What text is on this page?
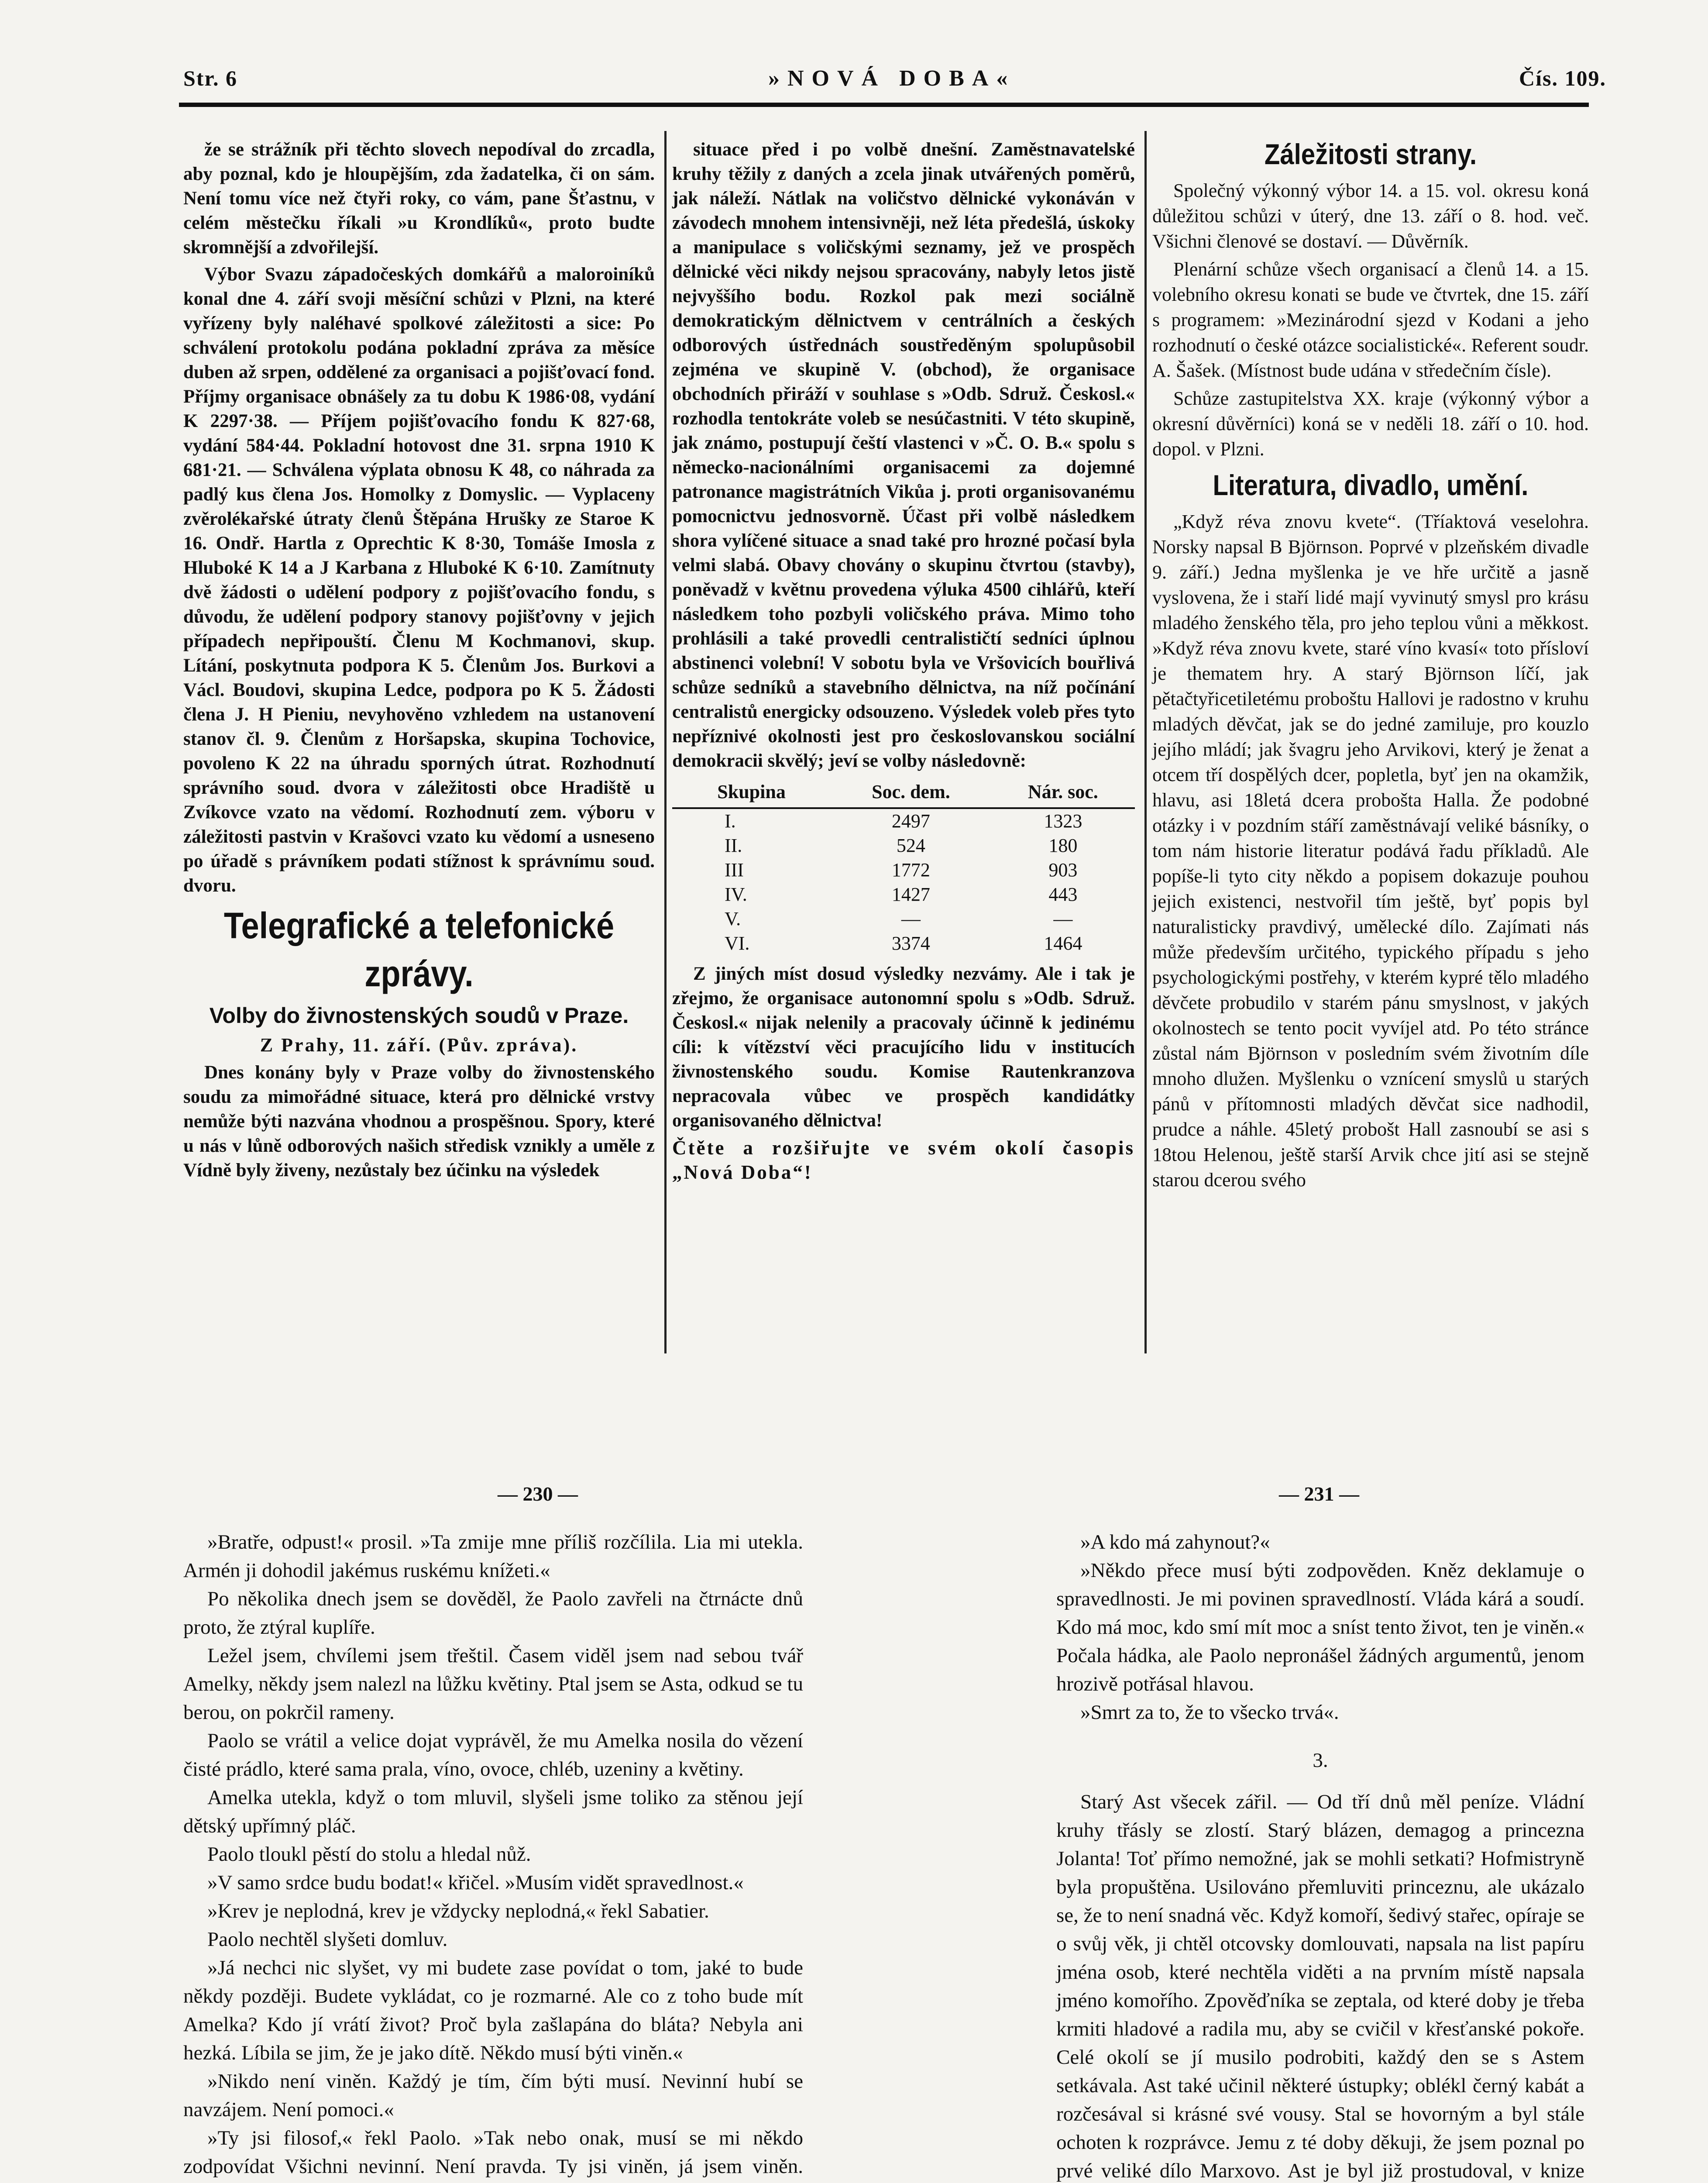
Str. 6	»NOVÁ DOBA«	Čís. 109.

že se strážník při těchto slovech nepodíval do zrcadla, aby poznal, kdo je hloupějším, zda žadatelka, či on sám. Není tomu více než čtyři roky, co vám, pane Šťastnu, v celém městečku říkali »u Krondlíků«, proto budte skromnější a zdvořilejší.

Výbor Svazu západočeských domkářů a maloroiníků konal dne 4. září svoji měsíční schůzi v Plzni, na které vyřízeny byly naléhavé spolkové záležitosti a sice: Po schválení protokolu podána pokladní zpráva za měsíce duben až srpen, oddělené za organisaci a pojišťovací fond. Příjmy organisace obnášely za tu dobu K 1986·08, vydání K 2297·38. — Příjem pojišťovacího fondu K 827·68, vydání 584·44. Pokladní hotovost dne 31. srpna 1910 K 681·21. — Schválena výplata obnosu K 48, co náhrada za padlý kus člena Jos. Homolky z Domyslic. — Vyplaceny zvěrolékařské útraty členů Štěpána Hrušky ze Staroe K 16. Ondř. Hartla z Oprechtic K 8·30, Tomáše Imosla z Hluboké K 14 a J Karbana z Hluboké K 6·10. Zamítnuty dvě žádosti o udělení podpory z pojišťovacího fondu, s důvodu, že udělení podpory stanovy pojišťovny v jejich případech nepřipouští. Členu M Kochmanovi, skup. Lítání, poskytnuta podpora K 5. Členům Jos. Burkovi a Václ. Boudovi, skupina Ledce, podpora po K 5. Žádosti člena J. H Pieniu, nevyhověno vzhledem na ustanovení stanov čl. 9. Členům z Horšapska, skupina Tochovice, povoleno K 22 na úhradu sporných útrat. Rozhodnutí správního soud. dvora v záležitosti obce Hradiště u Zvíkovce vzato na vědomí. Rozhodnutí zem. výboru v záležitosti pastvin v Krašovci vzato ku vědomí a usneseno po úřadě s právníkem podati stížnost k správnímu soud. dvoru.

Telegrafické a telefonické zprávy.
Volby do živnostenských soudů v Praze.
Z Prahy, 11. září. (Pův. zpráva).

Dnes konány byly v Praze volby do živnostenského soudu za mimořádné situace, která pro dělnické vrstvy nemůže býti nazvána vhodnou a prospěšnou. Spory, které u nás v lůně odborových našich středisk vznikly a uměle z Vídně byly živeny, nezůstaly bez účinku na výsledek

situace před i po volbě dnešní. Zaměstnavatelské kruhy těžily z daných a zcela jinak utvářených poměrů, jak náleží. Nátlak na voličstvo dělnické vykonáván v závodech mnohem intensivněji, než léta předešlá, úskoky a manipulace s voličskými seznamy, jež ve prospěch dělnické věci nikdy nejsou spracovány, nabyly letos jistě nejvyššího bodu. Rozkol pak mezi sociálně demokratickým dělnictvem v centrálních a českých odborových ústřednách soustředěným spolupůsobil zejména ve skupině V. (obchod), že organisace obchodních přiráží v souhlase s »Odb. Sdruž. Českosl.« rozhodla tentokráte voleb se nesúčastniti. V této skupině, jak známo, postupují čeští vlastenci v »Č. O. B.« spolu s německo-nacionálními organisacemi za dojemné patronance magistrátních Vikůa j. proti organisovanému pomocnictvu jednosvorně. Účast při volbě následkem shora vylíčené situace a snad také pro hrozné počasí byla velmi slabá. Obavy chovány o skupinu čtvrtou (stavby), poněvadž v květnu provedena výluka 4500 cihlářů, kteří následkem toho pozbyli voličského práva. Mimo toho prohlásili a také provedli centralističtí sedníci úplnou abstinenci volební! V sobotu byla ve Vršovicích bouřlivá schůze sedníků a stavebního dělnictva, na níž počínání centralistů energicky odsouzeno. Výsledek voleb přes tyto nepříznivé okolnosti jest pro českoslovanskou sociální demokracii skvělý; jeví se volby následovně:

Skupina	Soc. dem.	Nár. soc.
I.	2497	1323
II.	524	180
III	1772	903
IV.	1427	443
V.	—	—
VI.	3374	1464

Z jiných míst dosud výsledky nezvámy. Ale i tak je zřejmo, že organisace autonomní spolu s »Odb. Sdruž. Českosl.« nijak nelenily a pracovaly účinně k jedinému cíli: k vítězství věci pracujícího lidu v institucích živnostenského soudu. Komise Rautenkranzova nepracovala vůbec ve prospěch kandidátky organisovaného dělnictva!

Čtěte a rozšiřujte ve svém okolí časopis „Nová Doba“!

Záležitosti strany.

Společný výkonný výbor 14. a 15. vol. okresu koná důležitou schůzi v úterý, dne 13. září o 8. hod. več. Všichni členové se dostaví. — Důvěrník.

Plenární schůze všech organisací a členů 14. a 15. volebního okresu konati se bude ve čtvrtek, dne 15. září s programem: »Mezinárodní sjezd v Kodani a jeho rozhodnutí o české otázce socialistické«. Referent soudr. A. Šašek. (Místnost bude udána v středečním čísle).

Schůze zastupitelstva XX. kraje (výkonný výbor a okresní důvěrníci) koná se v neděli 18. září o 10. hod. dopol. v Plzni.

Literatura, divadlo, umění.

„Když réva znovu kvete“. (Tříaktová veselohra. Norsky napsal B Björnson. Poprvé v plzeňském divadle 9. září.) Jedna myšlenka je ve hře určitě a jasně vyslovena, že i staří lidé mají vyvinutý smysl pro krásu mladého ženského těla, pro jeho teplou vůni a měkkost. »Když réva znovu kvete, staré víno kvasí« toto přísloví je thematem hry. A starý Björnson líčí, jak pětačtyřicetiletému proboštu Hallovi je radostno v kruhu mladých děvčat, jak se do jedné zamiluje, pro kouzlo jejího mládí; jak švagru jeho Arvikovi, který je ženat a otcem tří dospělých dcer, popletla, byť jen na okamžik, hlavu, asi 18letá dcera probošta Halla. Že podobné otázky i v pozdním stáří zaměstnávají veliké básníky, o tom nám historie literatur podává řadu příkladů. Ale popíše-li tyto city někdo a popisem dokazuje pouhou jejich existenci, nestvořil tím ještě, byť popis byl naturalisticky pravdivý, umělecké dílo. Zajímati nás může především určitého, typického případu s jeho psychologickými postřehy, v kterém kypré tělo mladého děvčete probudilo v starém pánu smyslnost, v jakých okolnostech se tento pocit vyvíjel atd. Po této stránce zůstal nám Björnson v posledním svém životním díle mnoho dlužen. Myšlenku o vznícení smyslů u starých pánů v přítomnosti mladých děvčat sice nadhodil, prudce a náhle. 45letý probošt Hall zasnoubí se asi s 18tou Helenou, ještě starší Arvik chce jití asi se stejně starou dcerou svého

— 230 —	— 231 —

»Bratře, odpust!« prosil. »Ta zmije mne příliš rozčílila. Lia mi utekla. Armén ji dohodil jakémus ruskému knížeti.«

Po několika dnech jsem se dověděl, že Paolo zavřeli na čtrnácte dnů proto, že ztýral kuplíře.

Ležel jsem, chvílemi jsem třeštil. Časem viděl jsem nad sebou tvář Amelky, někdy jsem nalezl na lůžku květiny. Ptal jsem se Asta, odkud se tu berou, on pokrčil rameny.

Paolo se vrátil a velice dojat vyprávěl, že mu Amelka nosila do vězení čisté prádlo, které sama prala, víno, ovoce, chléb, uzeniny a květiny.

Amelka utekla, když o tom mluvil, slyšeli jsme toliko za stěnou její dětský upřímný pláč.

Paolo tloukl pěstí do stolu a hledal nůž.

»V samo srdce budu bodat!« křičel. »Musím vidět spravedlnost.«

»Krev je neplodná, krev je vždycky neplodná,« řekl Sabatier.

Paolo nechtěl slyšeti domluv.

»Já nechci nic slyšet, vy mi budete zase povídat o tom, jaké to bude někdy později. Budete vykládat, co je rozmarné. Ale co z toho bude mít Amelka? Kdo jí vrátí život? Proč byla zašlapána do bláta? Nebyla ani hezká. Líbila se jim, že je jako dítě. Někdo musí býti viněn.«

»Nikdo není viněn. Každý je tím, čím býti musí. Nevinní hubí se navzájem. Není pomoci.«

»Ty jsi filosof,« řekl Paolo. »Tak nebo onak, musí se mi někdo zodpovídat Všichni nevinní. Není pravda. Ty jsi viněn, já jsem viněn.

»A kdo má zahynout?«

»Někdo přece musí býti zodpověden. Kněz deklamuje o spravedlnosti. Je mi povinen spravedlností. Vláda kárá a soudí. Kdo má moc, kdo smí mít moc a sníst tento život, ten je viněn.« Počala hádka, ale Paolo nepronášel žádných argumentů, jenom hrozivě potřásal hlavou.

»Smrt za to, že to všecko trvá«.

3.

Starý Ast všecek zářil. — Od tří dnů měl peníze. Vládní kruhy třásly se zlostí. Starý blázen, demagog a princezna Jolanta! Toť přímo nemožné, jak se mohli setkati? Hofmistryně byla propuštěna. Usilováno přemluviti princeznu, ale ukázalo se, že to není snadná věc. Když komoří, šedivý stařec, opíraje se o svůj věk, ji chtěl otcovsky domlouvati, napsala na list papíru jména osob, které nechtěla viděti a na prvním místě napsala jméno komořího. Zpověďníka se zeptala, od které doby je třeba krmiti hladové a radila mu, aby se cvičil v křesťanské pokoře. Celé okolí se jí musilo podrobiti, každý den se s Astem setkávala. Ast také učinil některé ústupky; oblékl černý kabát a rozčesával si krásné své vousy. Stal se hovorným a byl stále ochoten k rozprávce. Jemu z té doby děkuji, že jsem poznal po prvé veliké dílo Marxovo. Ast je byl již prostudoval, v knize
